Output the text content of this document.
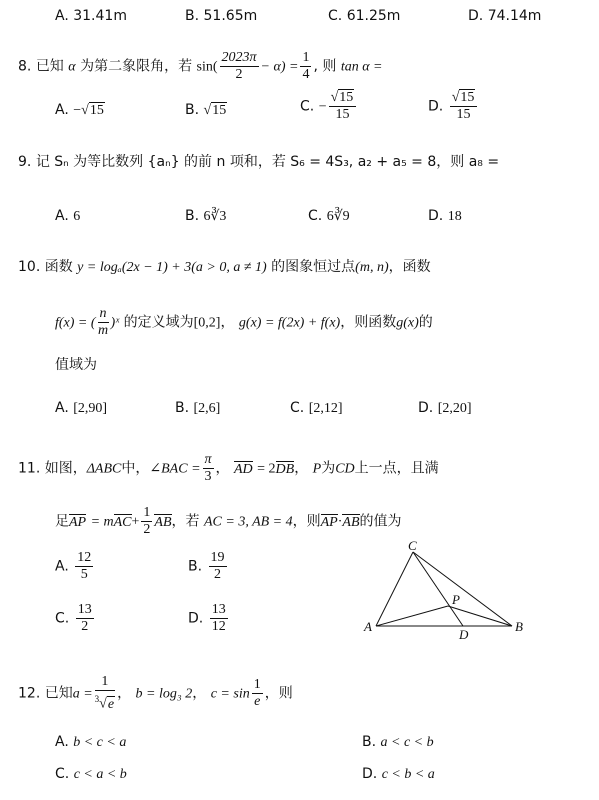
A. 31.41m	B. 51.65m	C. 61.25m	D. 74.14m
8. 已知 α 为第二象限角，若 $\sin( \frac{2023\pi}{2} - \alpha) = \frac{1}{4}$ , 则 tan α =
A. −√15	B. √15	C. − $\frac{√15}{15}$	D. $\frac{√15}{15}$
9. 记 Sₙ 为等比数列 {aₙ} 的前 n 项和，若 S₆ = 4S₃, a₂ + a₅ = 8，则 a₈ =
A. 6	B. 6∛3	C. 6∛9	D. 18
10. 函数 y = logₐ(2x − 1) + 3(a > 0, a ≠ 1) 的图象恒过点(m, n)，函数
f(x) = ( $\frac{n}{m}$ )ˣ 的定义域为[0,2]， g(x) = f(2x) + f(x)，则函数g(x)的
值域为
A. [2,90]	B. [2,6]	C. [2,12]	D. [2,20]
11. 如图，ΔABC中，∠BAC = $\frac{\pi}{3}$ ， AD = 2DB， P为CD上一点，且满
足AP = $mAC+ \frac{1}{2}$ AB，若 AC = 3, AB = 4，则AP·AB的值为
A. $\frac{12}{5}$	B. $\frac{19}{2}$
C. $\frac{13}{2}$	D. $\frac{13}{12}$	A	B
C
D
P
12. 已知$a = \frac{1}{^3√e}$ ， b = log₃ 2， $c = \sin \frac{1}{e}$ ，则
A. b < c < a	B. a < c < b
C. c < a < b	D. c < b < a
